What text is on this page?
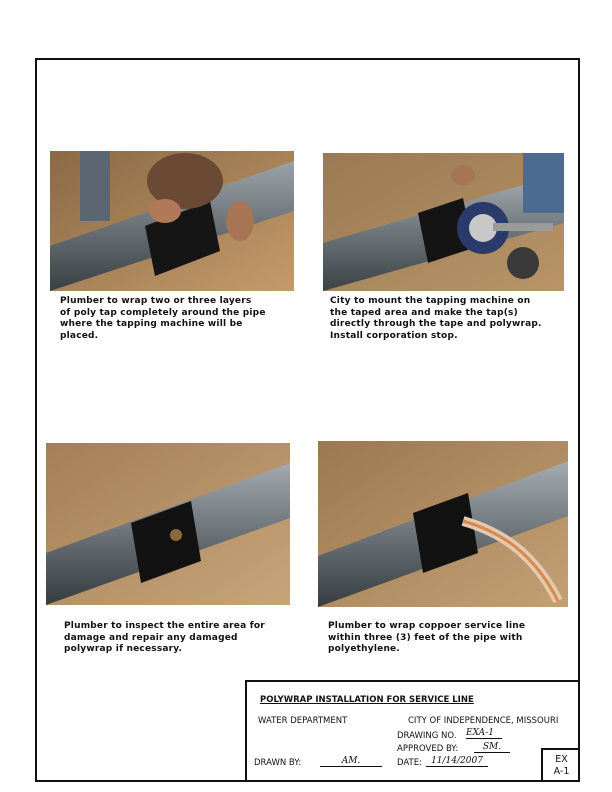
Plumber to wrap two or three layers
of poly tap completely around the pipe
where the tapping machine will be
placed.
City to mount the tapping machine on
the taped area and make the tap(s)
directly through the tape and polywrap.
Install corporation stop.
Plumber to inspect the entire area for
damage and repair any damaged
polywrap if necessary.
Plumber to wrap coppoer service line
within three (3) feet of the pipe with
polyethylene.
POLYWRAP INSTALLATION FOR SERVICE LINE
WATER DEPARTMENT	CITY OF INDEPENDENCE, MISSOURI
DRAWING NO. EXA-1
APPROVED BY:	SM.
DRAWN BY:	AM.	DATE:	11/14/2007	EX
A-1
